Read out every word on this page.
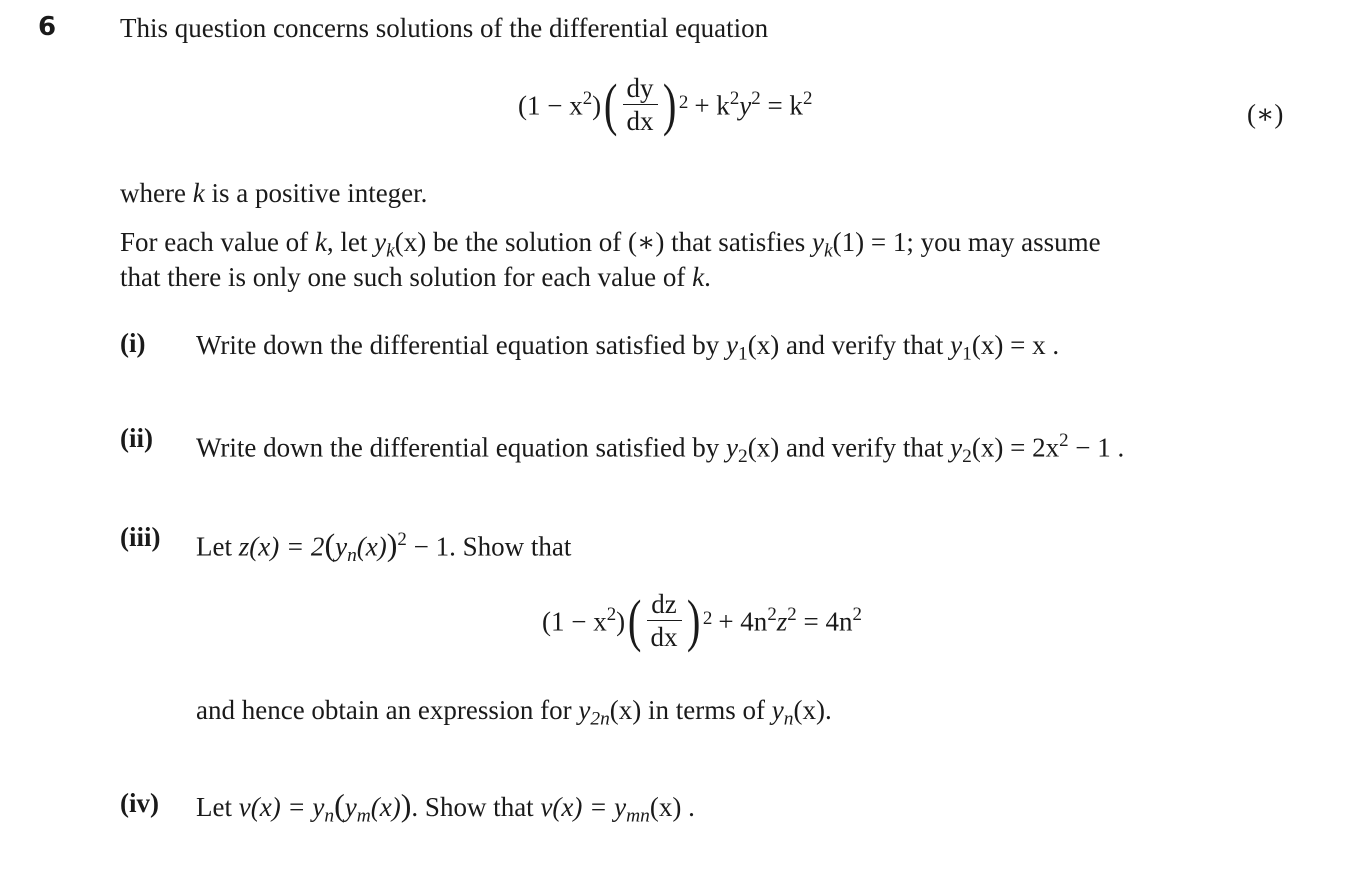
6 This question concerns solutions of the differential equation
$(1 - x^2)$ ( $\frac{dy}{dx}$ ) $2 + k^2y^2 = k^2$
(∗)
where k is a positive integer.
For each value of k, let $y_k(x)$ be the solution of (∗) that satisfies $y_k(1) = 1$; you may assume
that there is only one such solution for each value of k.
(i) Write down the differential equation satisfied by $y_1(x)$ and verify that $y_1(x) = x$ .
(ii) Write down the differential equation satisfied by $y_2(x)$ and verify that $y_2(x) = 2x^2 - 1$ .
(iii) Let $z(x) = 2(y_n(x))^2 - 1$. Show that
$(1 - x^2)$ ( $\frac{dz}{dx}$ ) $2 + 4n^2z^2 = 4n^2$
and hence obtain an expression for $y_{2n}(x)$ in terms of $y_n(x)$.
(iv) Let $v(x) = y_n(y_m(x))$. Show that $v(x) = y_{mn}(x)$ .
